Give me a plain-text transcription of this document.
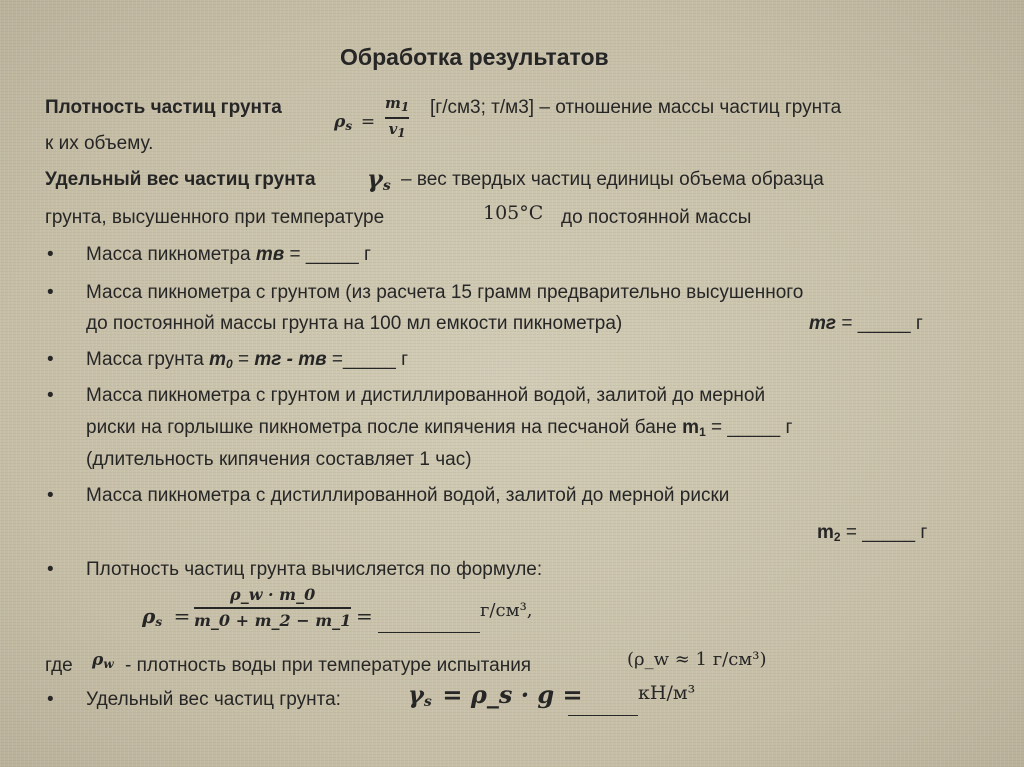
Обработка результатов
Плотность частиц грунта
$\rho_s$ =
$m_1$
$v_1$
[г/см3; т/м3] – отношение массы частиц грунта
к их объему.
Удельный вес частиц грунта $\gamma_s$ – вес твердых частиц единицы объема образца
грунта, высушенного при температуре	105°C до постоянной массы
• Масса пикнометра тв = _____ г
• Масса пикнометра с грунтом (из расчета 15 грамм предварительно высушенного
до постоянной массы грунта на 100 мл емкости пикнометра)	тг = _____ г
• Масса грунта $т_0$ = тг - тв =_____ г
• Масса пикнометра с грунтом и дистиллированной водой, залитой до мерной
риски на горлышке пикнометра после кипячения на песчаной бане $m_1$ = _____ г
(длительность кипячения составляет 1 час)
• Масса пикнометра с дистиллированной водой, залитой до мерной риски
$m_2$ = _____ г
• Плотность частиц грунта вычисляется по формуле:
$\rho_s$ =
ρ_w · m_0
m_0 + m_2 − m_1 =	г/см³,
где $\rho_w$ - плотность воды при температуре испытания	(ρ_w ≈ 1 г/см³)
• Удельный вес частиц грунта:	$\gamma_s$ = ρ_s · g =	кН/м³
